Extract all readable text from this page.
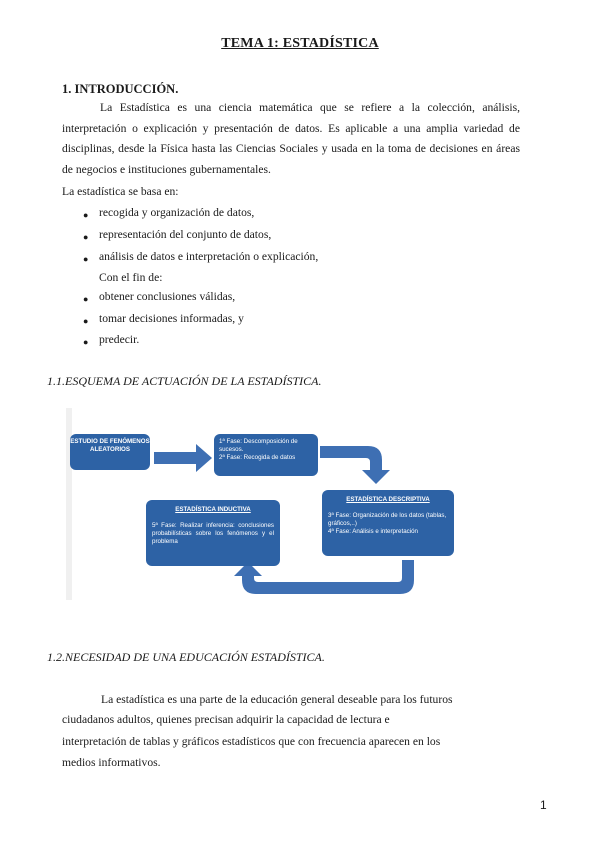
TEMA 1: ESTADÍSTICA
1. INTRODUCCIÓN.
La Estadística es una ciencia matemática que se refiere a la colección, análisis, interpretación o explicación y presentación de datos. Es aplicable a una amplia variedad de disciplinas, desde la Física hasta las Ciencias Sociales y usada en la toma de decisiones en áreas de negocios e instituciones gubernamentales.
La estadística se basa en:
● recogida y organización de datos,
● representación del conjunto de datos,
● análisis de datos e interpretación o explicación,
Con el fin de:
● obtener conclusiones válidas,
● tomar decisiones informadas, y
● predecir.
1.1.ESQUEMA DE ACTUACIÓN DE LA ESTADÍSTICA.
ESTUDIO DE FENÓMENOS ALEATORIOS
1ª Fase: Descomposición de sucesos.
2ª Fase: Recogida de datos
ESTADÍSTICA DESCRIPTIVA
3ª Fase: Organización de los datos (tablas, gráficos,..)
4ª Fase: Análisis e interpretación
ESTADÍSTICA INDUCTIVA
5ª Fase: Realizar inferencia: conclusiones probabilísticas sobre los fenómenos y el problema
1.2.NECESIDAD DE UNA EDUCACIÓN ESTADÍSTICA.
La estadística es una parte de la educación general deseable para los futuros
ciudadanos adultos, quienes precisan adquirir la capacidad de lectura e
interpretación de tablas y gráficos estadísticos que con frecuencia aparecen en los
medios informativos.
1
